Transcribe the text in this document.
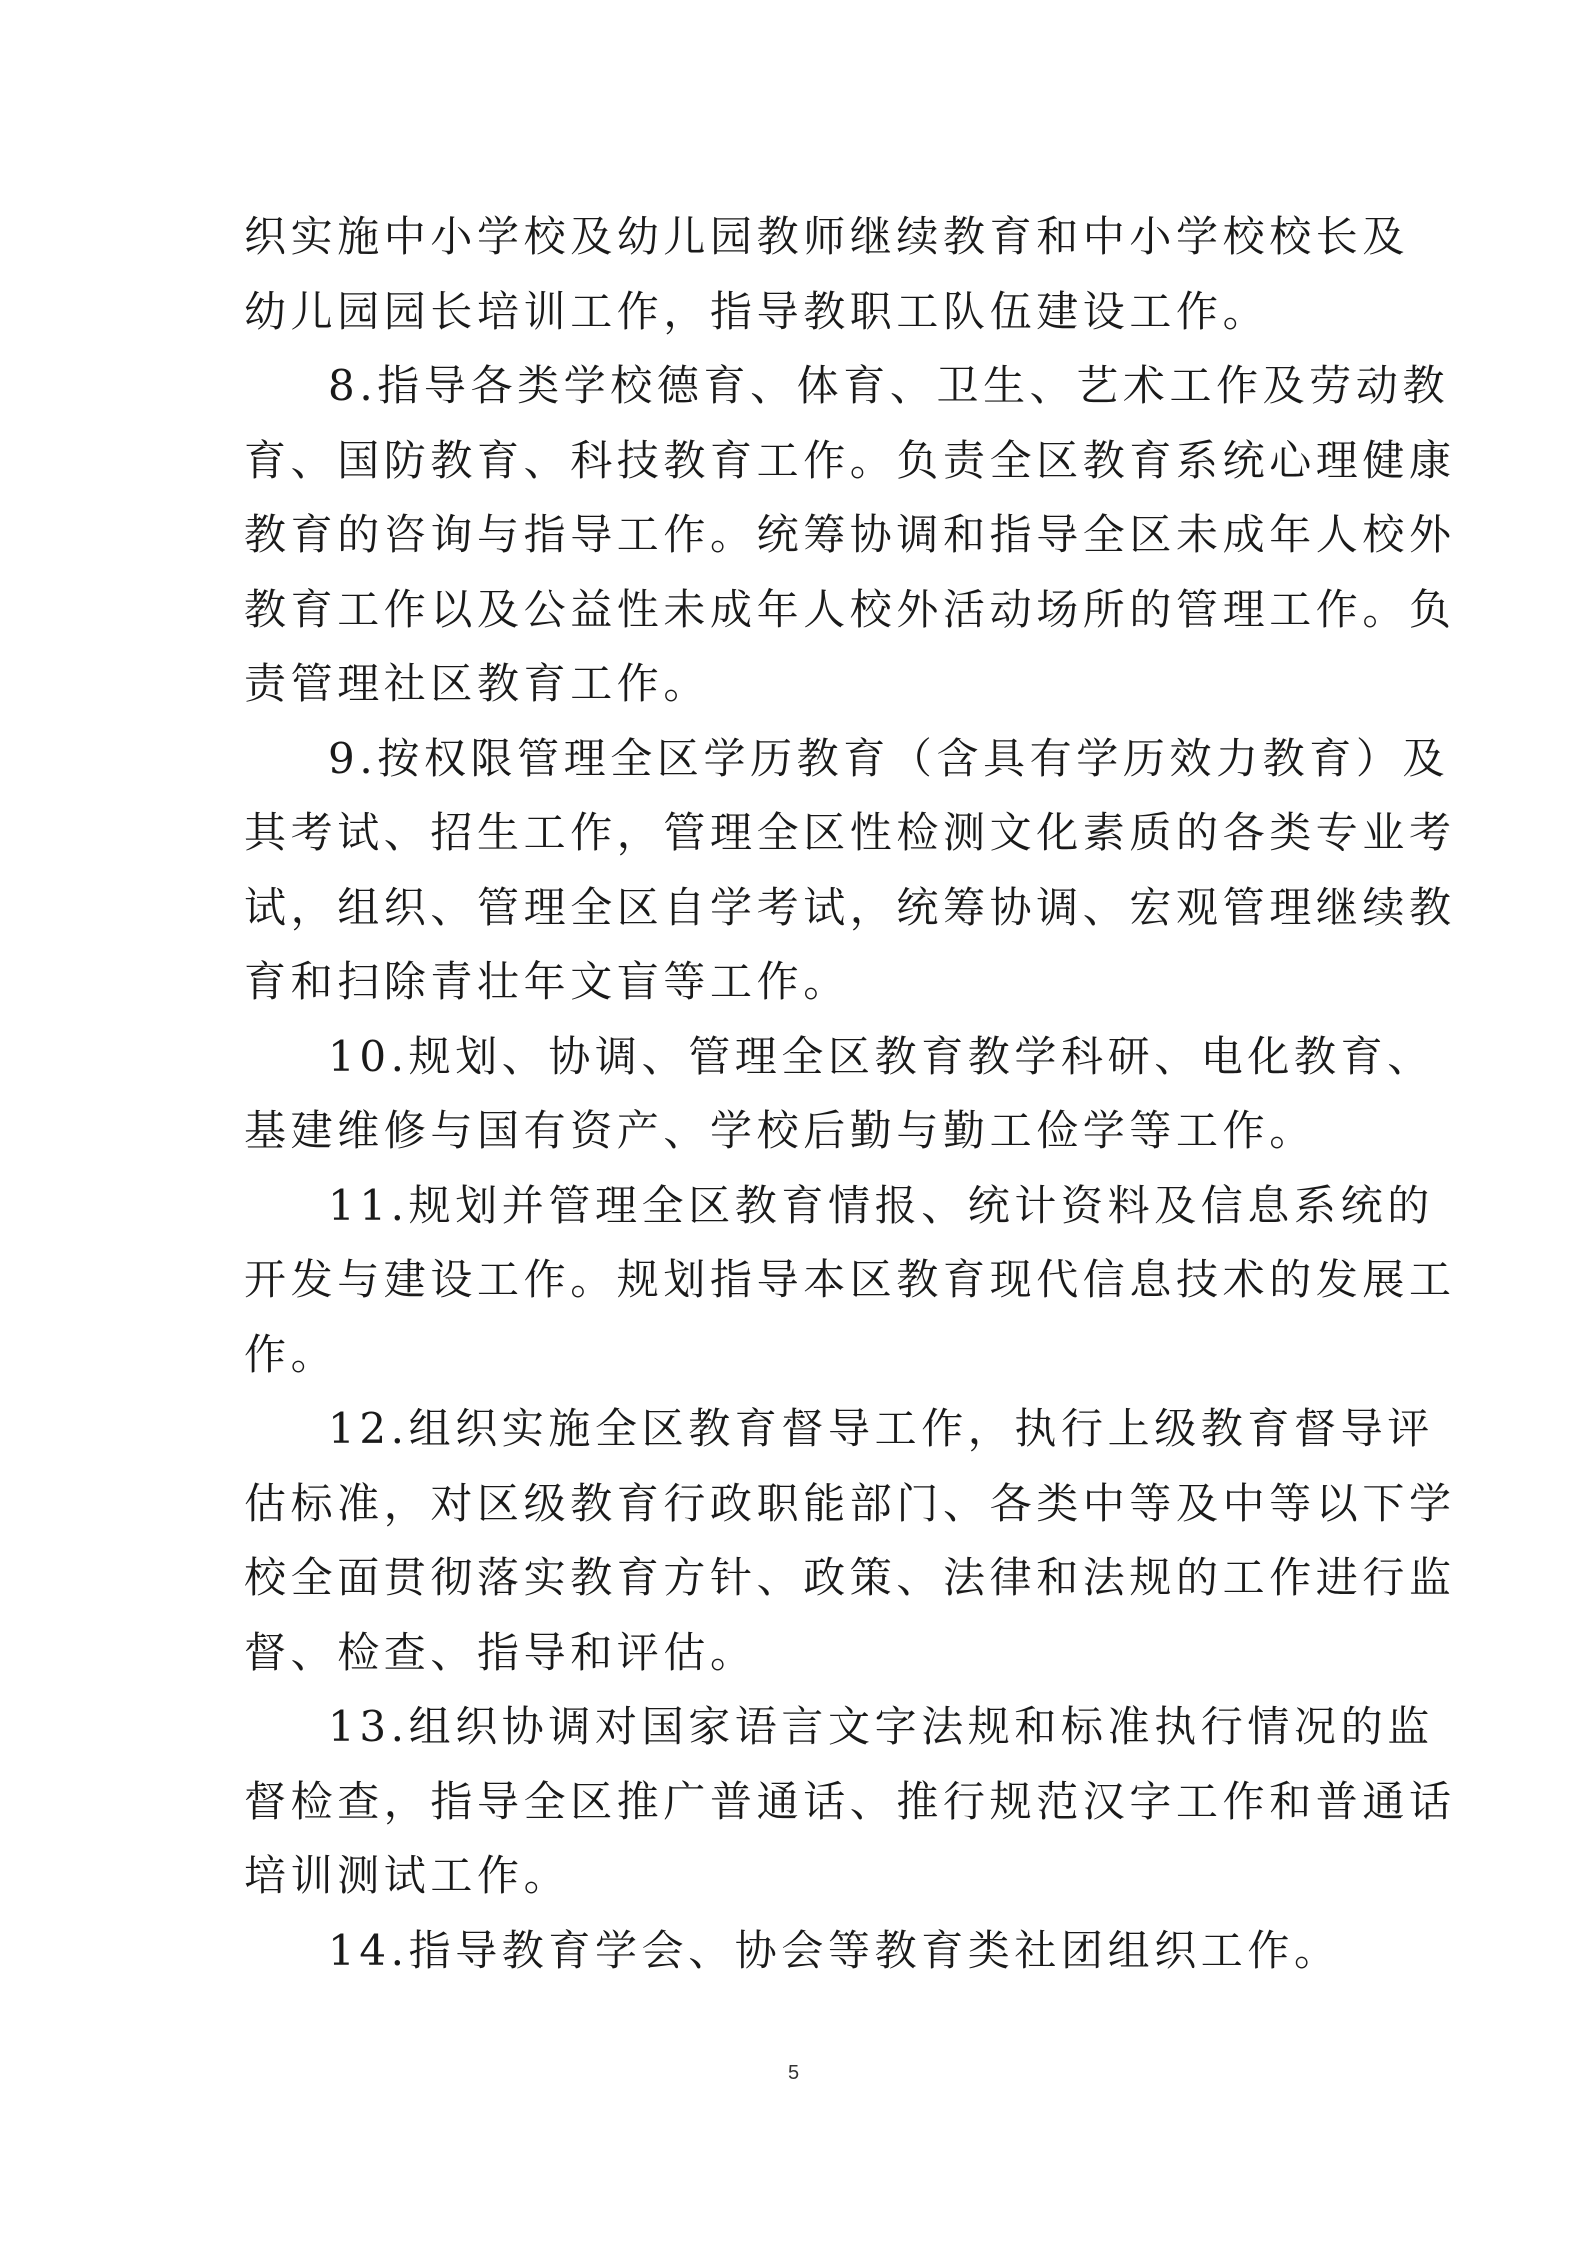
织实施中小学校及幼儿园教师继续教育和中小学校校长及
幼儿园园长培训工作，指导教职工队伍建设工作。
8.指导各类学校德育、体育、卫生、艺术工作及劳动教
育、国防教育、科技教育工作。负责全区教育系统心理健康
教育的咨询与指导工作。统筹协调和指导全区未成年人校外
教育工作以及公益性未成年人校外活动场所的管理工作。负
责管理社区教育工作。
9.按权限管理全区学历教育（含具有学历效力教育）及
其考试、招生工作，管理全区性检测文化素质的各类专业考
试，组织、管理全区自学考试，统筹协调、宏观管理继续教
育和扫除青壮年文盲等工作。
10.规划、协调、管理全区教育教学科研、电化教育、
基建维修与国有资产、学校后勤与勤工俭学等工作。
11.规划并管理全区教育情报、统计资料及信息系统的
开发与建设工作。规划指导本区教育现代信息技术的发展工
作。
12.组织实施全区教育督导工作，执行上级教育督导评
估标准，对区级教育行政职能部门、各类中等及中等以下学
校全面贯彻落实教育方针、政策、法律和法规的工作进行监
督、检查、指导和评估。
13.组织协调对国家语言文字法规和标准执行情况的监
督检查，指导全区推广普通话、推行规范汉字工作和普通话
培训测试工作。
14.指导教育学会、协会等教育类社团组织工作。
5
